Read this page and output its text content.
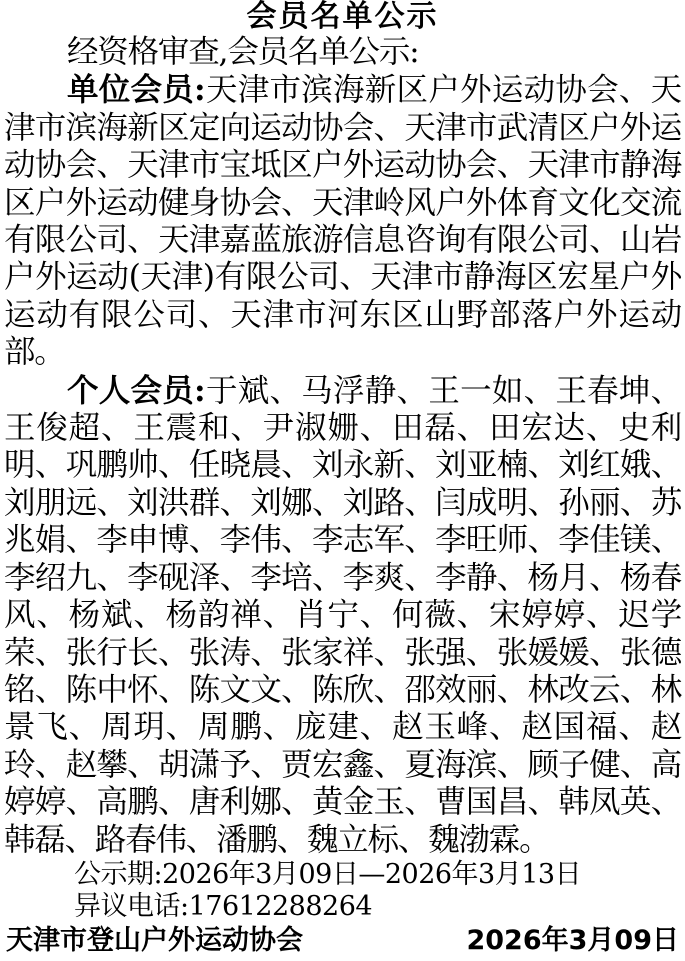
会员名单公示

经资格审查,会员名单公示:

单位会员:天津市滨海新区户外运动协会、天津市滨海新区定向运动协会、天津市武清区户外运动协会、天津市宝坻区户外运动协会、天津市静海区户外运动健身协会、天津岭风户外体育文化交流有限公司、天津嘉蓝旅游信息咨询有限公司、山岩户外运动(天津)有限公司、天津市静海区宏星户外运动有限公司、天津市河东区山野部落户外运动部。

个人会员:于斌、马浮静、王一如、王春坤、王俊超、王震和、尹淑姗、田磊、田宏达、史利明、巩鹏帅、任晓晨、刘永新、刘亚楠、刘红娥、刘朋远、刘洪群、刘娜、刘路、闫成明、孙丽、苏兆娟、李申博、李伟、李志军、李旺师、李佳镁、李绍九、李砚泽、李培、李爽、李静、杨月、杨春风、杨斌、杨韵禅、肖宁、何薇、宋婷婷、迟学荣、张行长、张涛、张家祥、张强、张媛媛、张德铭、陈中怀、陈文文、陈欣、邵效丽、林改云、林景飞、周玥、周鹏、庞建、赵玉峰、赵国福、赵玲、赵攀、胡潇予、贾宏鑫、夏海滨、顾子健、高婷婷、高鹏、唐利娜、黄金玉、曹国昌、韩凤英、韩磊、路春伟、潘鹏、魏立标、魏渤霖。

公示期:2026年3月09日—2026年3月13日

异议电话:17612288264

天津市登山户外运动协会	2026年3月09日
